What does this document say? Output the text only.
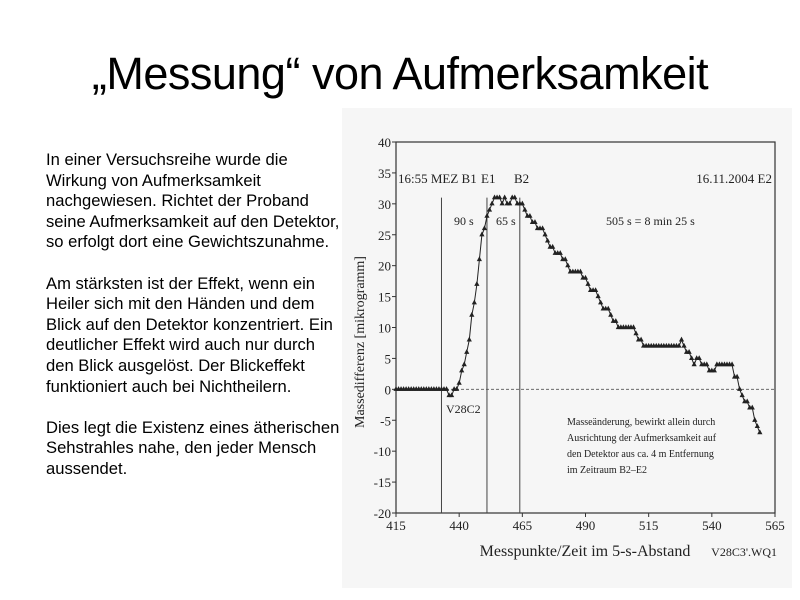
„Messung“ von Aufmerksamkeit

In einer Versuchsreihe wurde die Wirkung von Aufmerksamkeit nachgewiesen. Richtet der Proband seine Aufmerksamkeit auf den Detektor, so erfolgt dort eine Gewichtszunahme.

Am stärksten ist der Effekt, wenn ein Heiler sich mit den Händen und dem Blick auf den Detektor konzentriert. Ein deutlicher Effekt wird auch nur durch den Blick ausgelöst. Der Blickeffekt funktioniert auch bei Nichtheilern.

Dies legt die Existenz eines ätherischen Sehstrahles nahe, den jeder Mensch aussendet.

40
35
30
25
20
15
10
5
0
-5
-10
-15
-20
415	440	465	490	515	540	565
Massedifferenz [mikrogramm]
Messpunkte/Zeit im 5-s-Abstand V28C3'.WQ1
16:55 MEZ B1 E1 B2	16.11.2004 E2
90 s 65 s	505 s = 8 min 25 s
V28C2
Masseänderung, bewirkt allein durch
Ausrichtung der Aufmerksamkeit auf
den Detektor aus ca. 4 m Entfernung
im Zeitraum B2–E2
